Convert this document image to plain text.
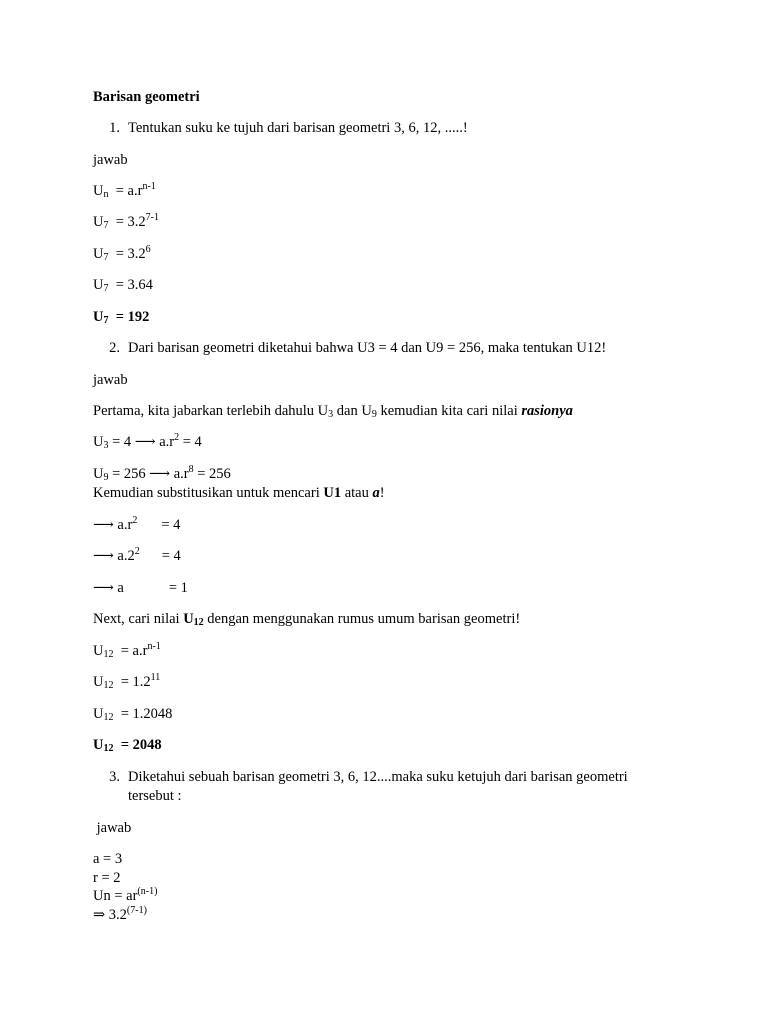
Barisan geometri
1. Tentukan suku ke tujuh dari barisan geometri 3, 6, 12, .....!
jawab
$U_n = a.r^{n-1}$
$U_7 = 3.2^{7-1}$
$U_7 = 3.2^6$
$U_7 = 3.64$
$U_7 = 192$
2. Dari barisan geometri diketahui bahwa U3 = 4 dan U9 = 256, maka tentukan U12!
jawab
Pertama, kita jabarkan terlebih dahulu $U_3$ dan $U_9$ kemudian kita cari nilai rasionya
$U_3 = 4$ ⟶ $a.r^2 = 4$
$U_9 = 256$ ⟶ $a.r^8 = 256$
Kemudian substitusikan untuk mencari U1 atau a!
⟶ $a.r^2 = 4$
⟶ $a.2^2 = 4$
⟶ a	= 1
Next, cari nilai $U_{12}$ dengan menggunakan rumus umum barisan geometri!
$U_{12} = a.r^{n-1}$
$U_{12} = 1.2^{11}$
$U_{12} = 1.2048$
$U_{12} = 2048$
3. Diketahui sebuah barisan geometri 3, 6, 12....maka suku ketujuh dari barisan geometri
tersebut :
jawab
a = 3
r = 2
$Un = ar^{(n-1)}$
⇒ 3.2$^{(7-1)}$
